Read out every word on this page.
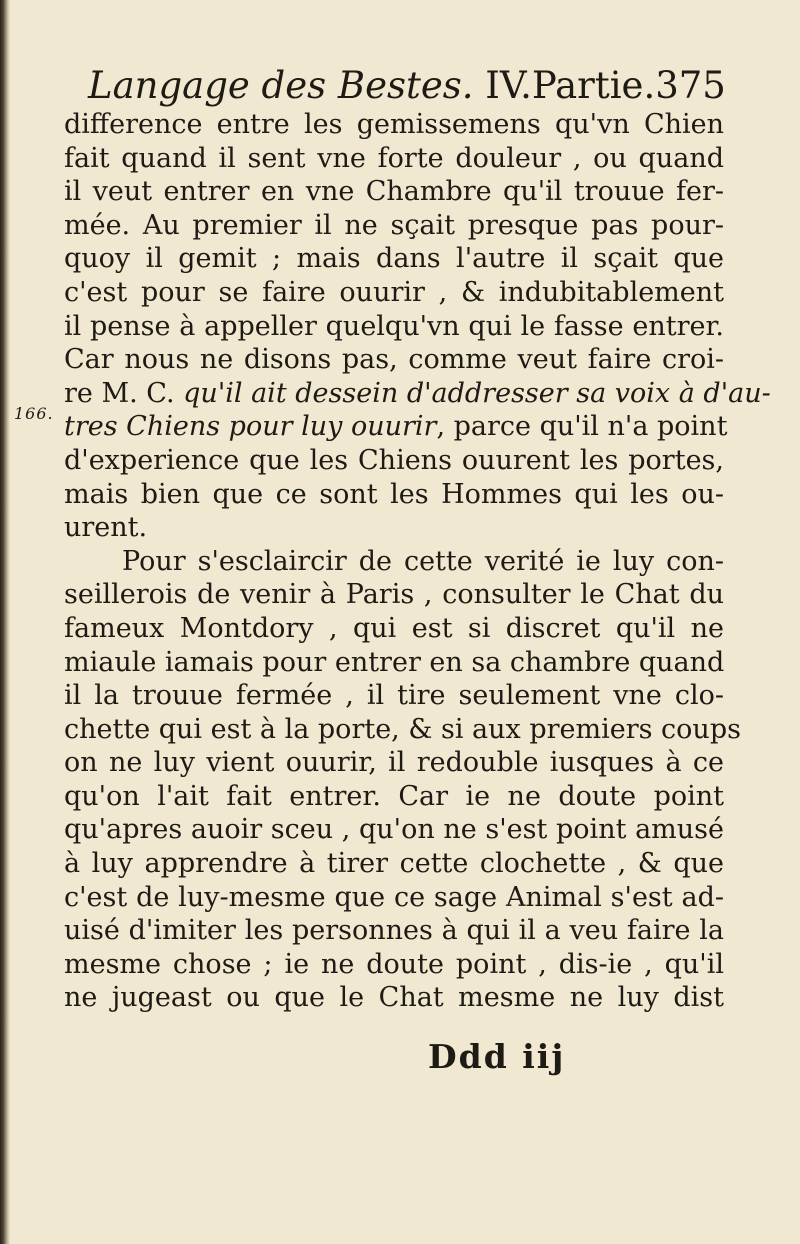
Langage des Bestes. IV.Partie.375
166.
difference entre les gemissemens qu'vn Chien
fait quand il sent vne forte douleur , ou quand
il veut entrer en vne Chambre qu'il trouue fer-
mée. Au premier il ne sçait presque pas pour-
quoy il gemit ; mais dans l'autre il sçait que
c'est pour se faire ouurir , & indubitablement
il pense à appeller quelqu'vn qui le fasse entrer.
Car nous ne disons pas, comme veut faire croi-
re M. C. qu'il ait dessein d'addresser sa voix à d'au-
tres Chiens pour luy ouurir, parce qu'il n'a point
d'experience que les Chiens ouurent les portes,
mais bien que ce sont les Hommes qui les ou-
urent.
Pour s'esclaircir de cette verité ie luy con-
seillerois de venir à Paris , consulter le Chat du
fameux Montdory , qui est si discret qu'il ne
miaule iamais pour entrer en sa chambre quand
il la trouue fermée , il tire seulement vne clo-
chette qui est à la porte, & si aux premiers coups
on ne luy vient ouurir, il redouble iusques à ce
qu'on l'ait fait entrer. Car ie ne doute point
qu'apres auoir sceu , qu'on ne s'est point amusé
à luy apprendre à tirer cette clochette , & que
c'est de luy-mesme que ce sage Animal s'est ad-
uisé d'imiter les personnes à qui il a veu faire la
mesme chose ; ie ne doute point , dis-ie , qu'il
ne jugeast ou que le Chat mesme ne luy dist
Ddd iij
